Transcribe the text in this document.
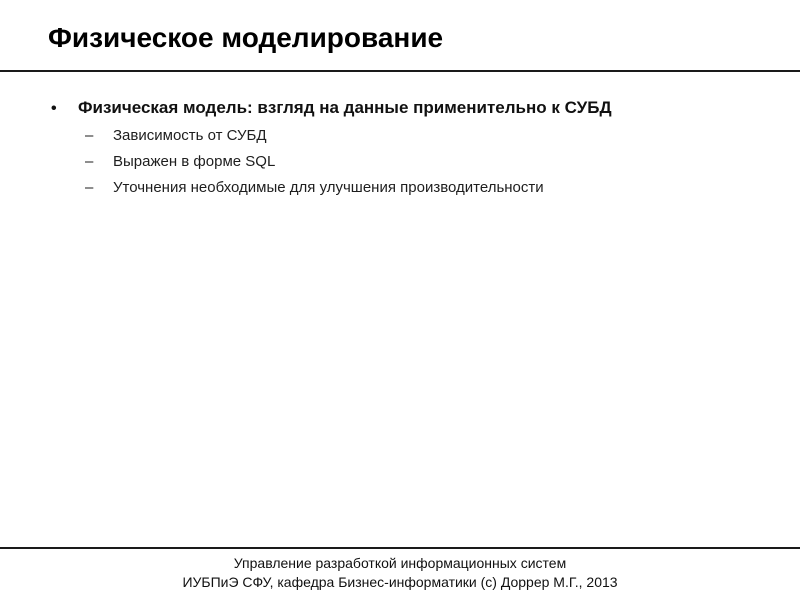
Физическое моделирование
•	Физическая модель: взгляд на данные применительно к СУБД
–	Зависимость от СУБД
–	Выражен в форме SQL
–	Уточнения необходимые для улучшения производительности
Управление разработкой информационных систем
ИУБПиЭ СФУ, кафедра Бизнес-информатики (с) Доррер М.Г., 2013
